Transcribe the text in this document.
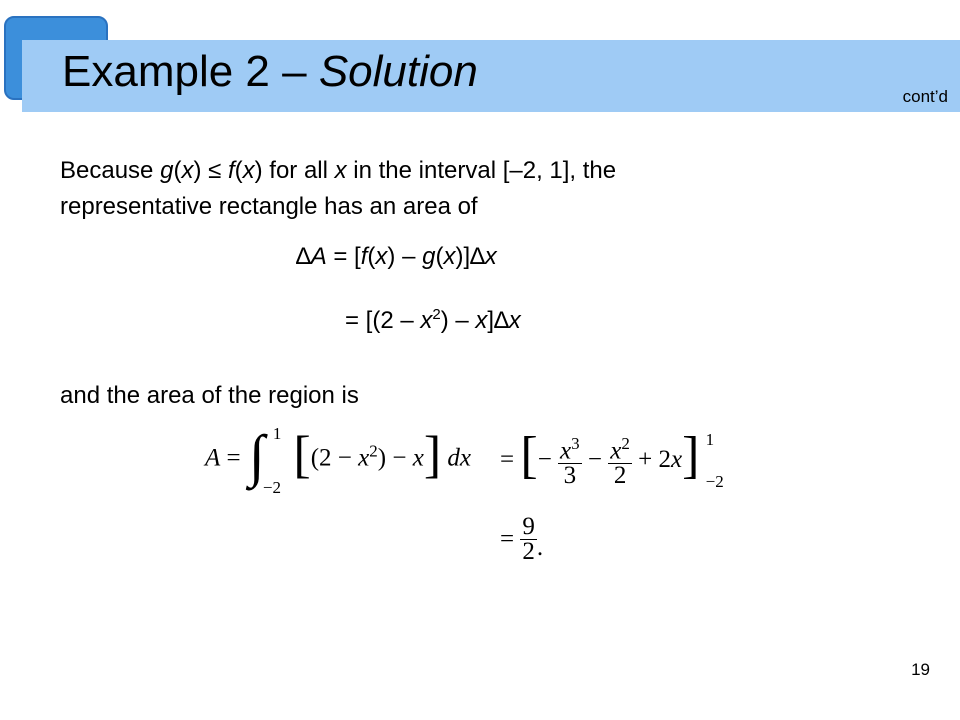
Example 2 – Solution
cont’d
Because g(x) ≤ f(x) for all x in the interval [–2, 1], the
representative rectangle has an area of
∆A = [f(x) – g(x)]∆x
= $[(2 - x^2) - x]\Delta x$
and the area of the region is
A = ∫ 1
−2
$[(2 - x^2) - x]$ dx = [− $\frac{x^3}{3} - \frac{x^2}{2} + 2x$] 1
−2
= $\frac{9}{2}$ .
19
